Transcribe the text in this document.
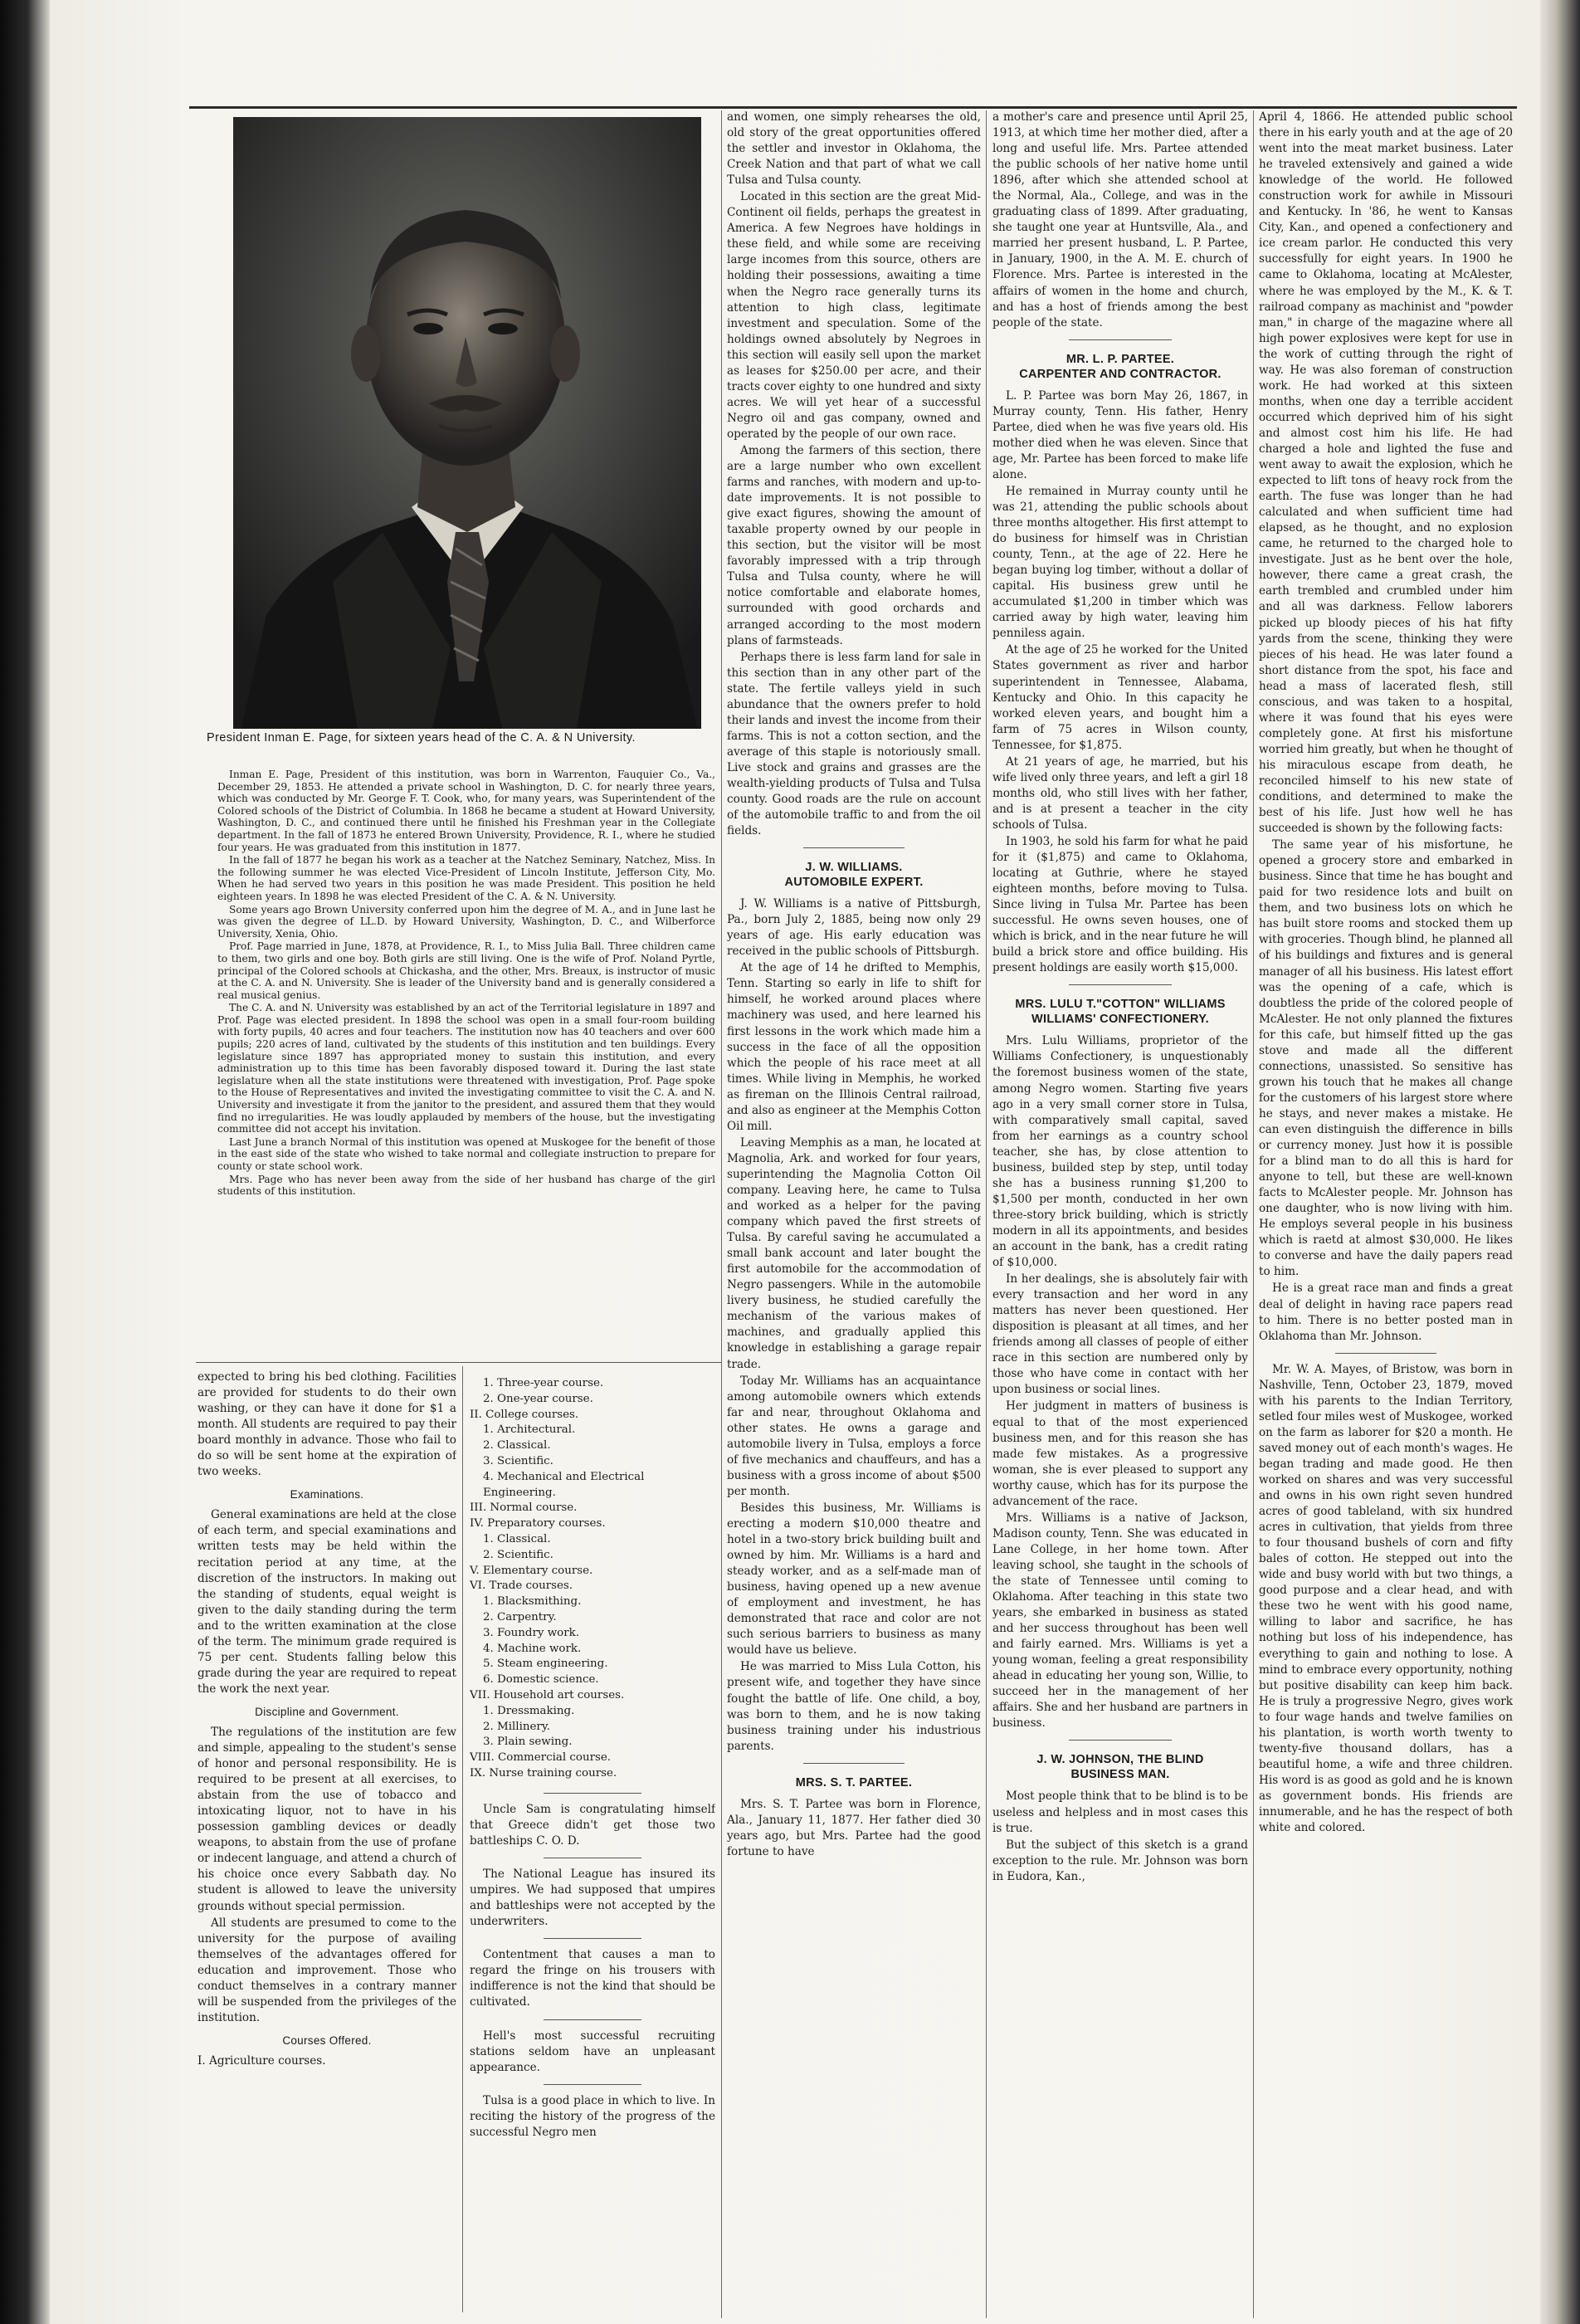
President Inman E. Page, for sixteen years head of the C. A. & N University.

Inman E. Page, President of this institution, was born in Warrenton, Fauquier Co., Va., December 29, 1853. He attended a private school in Washington, D. C. for nearly three years, which was conducted by Mr. George F. T. Cook, who, for many years, was Superintendent of the Colored schools of the District of Columbia. In 1868 he became a student at Howard University, Washington, D. C., and continued there until he finished his Freshman year in the Collegiate department. In the fall of 1873 he entered Brown University, Providence, R. I., where he studied four years. He was graduated from this institution in 1877.

In the fall of 1877 he began his work as a teacher at the Natchez Seminary, Natchez, Miss. In the following summer he was elected Vice-President of Lincoln Institute, Jefferson City, Mo. When he had served two years in this position he was made President. This position he held eighteen years. In 1898 he was elected President of the C. A. & N. University.

Some years ago Brown University conferred upon him the degree of M. A., and in June last he was given the degree of LL.D. by Howard University, Washington, D. C., and Wilberforce University, Xenia, Ohio.

Prof. Page married in June, 1878, at Providence, R. I., to Miss Julia Ball. Three children came to them, two girls and one boy. Both girls are still living. One is the wife of Prof. Noland Pyrtle, principal of the Colored schools at Chickasha, and the other, Mrs. Breaux, is instructor of music at the C. A. and N. University. She is leader of the University band and is generally considered a real musical genius.

The C. A. and N. University was established by an act of the Territorial legislature in 1897 and Prof. Page was elected president. In 1898 the school was open in a small four-room building with forty pupils, 40 acres and four teachers. The institution now has 40 teachers and over 600 pupils; 220 acres of land, cultivated by the students of this institution and ten buildings. Every legislature since 1897 has appropriated money to sustain this institution, and every administration up to this time has been favorably disposed toward it. During the last state legislature when all the state institutions were threatened with investigation, Prof. Page spoke to the House of Representatives and invited the investigating committee to visit the C. A. and N. University and investigate it from the janitor to the president, and assured them that they would find no irregularities. He was loudly applauded by members of the house, but the investigating committee did not accept his invitation.

Last June a branch Normal of this institution was opened at Muskogee for the benefit of those in the east side of the state who wished to take normal and collegiate instruction to prepare for county or state school work.

Mrs. Page who has never been away from the side of her husband has charge of the girl students of this institution.

expected to bring his bed clothing. Facilities are provided for students to do their own washing, or they can have it done for $1 a month. All students are required to pay their board monthly in advance. Those who fail to do so will be sent home at the expiration of two weeks.

Examinations.

General examinations are held at the close of each term, and special examinations and written tests may be held within the recitation period at any time, at the discretion of the instructors. In making out the standing of students, equal weight is given to the daily standing during the term and to the written examination at the close of the term. The minimum grade required is 75 per cent. Students falling below this grade during the year are required to repeat the work the next year.

Discipline and Government.

The regulations of the institution are few and simple, appealing to the student's sense of honor and personal responsibility. He is required to be present at all exercises, to abstain from the use of tobacco and intoxicating liquor, not to have in his possession gambling devices or deadly weapons, to abstain from the use of profane or indecent language, and attend a church of his choice once every Sabbath day. No student is allowed to leave the university grounds without special permission.

All students are presumed to come to the university for the purpose of availing themselves of the advantages offered for education and improvement. Those who conduct themselves in a contrary manner will be suspended from the privileges of the institution.

Courses Offered.

I. Agriculture courses.

1. Three-year course.
2. One-year course.
II. College courses.
1. Architectural.
2. Classical.
3. Scientific.
4. Mechanical and Electrical Engineering.
III. Normal course.
IV. Preparatory courses.
1. Classical.
2. Scientific.
V. Elementary course.
VI. Trade courses.
1. Blacksmithing.
2. Carpentry.
3. Foundry work.
4. Machine work.
5. Steam engineering.
6. Domestic science.
VII. Household art courses.
1. Dressmaking.
2. Millinery.
3. Plain sewing.
VIII. Commercial course.
IX. Nurse training course.

Uncle Sam is congratulating himself that Greece didn't get those two battleships C. O. D.

The National League has insured its umpires. We had supposed that umpires and battleships were not accepted by the underwriters.

Contentment that causes a man to regard the fringe on his trousers with indifference is not the kind that should be cultivated.

Hell's most successful recruiting stations seldom have an unpleasant appearance.

Tulsa is a good place in which to live. In reciting the history of the progress of the successful Negro men

and women, one simply rehearses the old, old story of the great opportunities offered the settler and investor in Oklahoma, the Creek Nation and that part of what we call Tulsa and Tulsa county.

Located in this section are the great Mid-Continent oil fields, perhaps the greatest in America. A few Negroes have holdings in these field, and while some are receiving large incomes from this source, others are holding their possessions, awaiting a time when the Negro race generally turns its attention to high class, legitimate investment and speculation. Some of the holdings owned absolutely by Negroes in this section will easily sell upon the market as leases for $250.00 per acre, and their tracts cover eighty to one hundred and sixty acres. We will yet hear of a successful Negro oil and gas company, owned and operated by the people of our own race.

Among the farmers of this section, there are a large number who own excellent farms and ranches, with modern and up-to-date improvements. It is not possible to give exact figures, showing the amount of taxable property owned by our people in this section, but the visitor will be most favorably impressed with a trip through Tulsa and Tulsa county, where he will notice comfortable and elaborate homes, surrounded with good orchards and arranged according to the most modern plans of farmsteads.

Perhaps there is less farm land for sale in this section than in any other part of the state. The fertile valleys yield in such abundance that the owners prefer to hold their lands and invest the income from their farms. This is not a cotton section, and the average of this staple is notoriously small. Live stock and grains and grasses are the wealth-yielding products of Tulsa and Tulsa county. Good roads are the rule on account of the automobile traffic to and from the oil fields.

J. W. WILLIAMS.
AUTOMOBILE EXPERT.

J. W. Williams is a native of Pittsburgh, Pa., born July 2, 1885, being now only 29 years of age. His early education was received in the public schools of Pittsburgh.

At the age of 14 he drifted to Memphis, Tenn. Starting so early in life to shift for himself, he worked around places where machinery was used, and here learned his first lessons in the work which made him a success in the face of all the opposition which the people of his race meet at all times. While living in Memphis, he worked as fireman on the Illinois Central railroad, and also as engineer at the Memphis Cotton Oil mill.

Leaving Memphis as a man, he located at Magnolia, Ark. and worked for four years, superintending the Magnolia Cotton Oil company. Leaving here, he came to Tulsa and worked as a helper for the paving company which paved the first streets of Tulsa. By careful saving he accumulated a small bank account and later bought the first automobile for the accommodation of Negro passengers. While in the automobile livery business, he studied carefully the mechanism of the various makes of machines, and gradually applied this knowledge in establishing a garage repair trade.

Today Mr. Williams has an acquaintance among automobile owners which extends far and near, throughout Oklahoma and other states. He owns a garage and automobile livery in Tulsa, employs a force of five mechanics and chauffeurs, and has a business with a gross income of about $500 per month.

Besides this business, Mr. Williams is erecting a modern $10,000 theatre and hotel in a two-story brick building built and owned by him. Mr. Williams is a hard and steady worker, and as a self-made man of business, having opened up a new avenue of employment and investment, he has demonstrated that race and color are not such serious barriers to business as many would have us believe.

He was married to Miss Lula Cotton, his present wife, and together they have since fought the battle of life. One child, a boy, was born to them, and he is now taking business training under his industrious parents.

MRS. S. T. PARTEE.

Mrs. S. T. Partee was born in Florence, Ala., January 11, 1877. Her father died 30 years ago, but Mrs. Partee had the good fortune to have

a mother's care and presence until April 25, 1913, at which time her mother died, after a long and useful life. Mrs. Partee attended the public schools of her native home until 1896, after which she attended school at the Normal, Ala., College, and was in the graduating class of 1899. After graduating, she taught one year at Huntsville, Ala., and married her present husband, L. P. Partee, in January, 1900, in the A. M. E. church of Florence. Mrs. Partee is interested in the affairs of women in the home and church, and has a host of friends among the best people of the state.

MR. L. P. PARTEE.
CARPENTER AND CONTRACTOR.

L. P. Partee was born May 26, 1867, in Murray county, Tenn. His father, Henry Partee, died when he was five years old. His mother died when he was eleven. Since that age, Mr. Partee has been forced to make life alone.

He remained in Murray county until he was 21, attending the public schools about three months altogether. His first attempt to do business for himself was in Christian county, Tenn., at the age of 22. Here he began buying log timber, without a dollar of capital. His business grew until he accumulated $1,200 in timber which was carried away by high water, leaving him penniless again.

At the age of 25 he worked for the United States government as river and harbor superintendent in Tennessee, Alabama, Kentucky and Ohio. In this capacity he worked eleven years, and bought him a farm of 75 acres in Wilson county, Tennessee, for $1,875.

At 21 years of age, he married, but his wife lived only three years, and left a girl 18 months old, who still lives with her father, and is at present a teacher in the city schools of Tulsa.

In 1903, he sold his farm for what he paid for it ($1,875) and came to Oklahoma, locating at Guthrie, where he stayed eighteen months, before moving to Tulsa. Since living in Tulsa Mr. Partee has been successful. He owns seven houses, one of which is brick, and in the near future he will build a brick store and office building. His present holdings are easily worth $15,000.

MRS. LULU T."COTTON" WILLIAMS
WILLIAMS' CONFECTIONERY.

Mrs. Lulu Williams, proprietor of the Williams Confectionery, is unquestionably the foremost business women of the state, among Negro women. Starting five years ago in a very small corner store in Tulsa, with comparatively small capital, saved from her earnings as a country school teacher, she has, by close attention to business, builded step by step, until today she has a business running $1,200 to $1,500 per month, conducted in her own three-story brick building, which is strictly modern in all its appointments, and besides an account in the bank, has a credit rating of $10,000.

In her dealings, she is absolutely fair with every transaction and her word in any matters has never been questioned. Her disposition is pleasant at all times, and her friends among all classes of people of either race in this section are numbered only by those who have come in contact with her upon business or social lines.

Her judgment in matters of business is equal to that of the most experienced business men, and for this reason she has made few mistakes. As a progressive woman, she is ever pleased to support any worthy cause, which has for its purpose the advancement of the race.

Mrs. Williams is a native of Jackson, Madison county, Tenn. She was educated in Lane College, in her home town. After leaving school, she taught in the schools of the state of Tennessee until coming to Oklahoma. After teaching in this state two years, she embarked in business as stated and her success throughout has been well and fairly earned. Mrs. Williams is yet a young woman, feeling a great responsibility ahead in educating her young son, Willie, to succeed her in the management of her affairs. She and her husband are partners in business.

J. W. JOHNSON, THE BLIND
BUSINESS MAN.

Most people think that to be blind is to be useless and helpless and in most cases this is true.

But the subject of this sketch is a grand exception to the rule. Mr. Johnson was born in Eudora, Kan.,

April 4, 1866. He attended public school there in his early youth and at the age of 20 went into the meat market business. Later he traveled extensively and gained a wide knowledge of the world. He followed construction work for awhile in Missouri and Kentucky. In '86, he went to Kansas City, Kan., and opened a confectionery and ice cream parlor. He conducted this very successfully for eight years. In 1900 he came to Oklahoma, locating at McAlester, where he was employed by the M., K. & T. railroad company as machinist and "powder man," in charge of the magazine where all high power explosives were kept for use in the work of cutting through the right of way. He was also foreman of construction work. He had worked at this sixteen months, when one day a terrible accident occurred which deprived him of his sight and almost cost him his life. He had charged a hole and lighted the fuse and went away to await the explosion, which he expected to lift tons of heavy rock from the earth. The fuse was longer than he had calculated and when sufficient time had elapsed, as he thought, and no explosion came, he returned to the charged hole to investigate. Just as he bent over the hole, however, there came a great crash, the earth trembled and crumbled under him and all was darkness. Fellow laborers picked up bloody pieces of his hat fifty yards from the scene, thinking they were pieces of his head. He was later found a short distance from the spot, his face and head a mass of lacerated flesh, still conscious, and was taken to a hospital, where it was found that his eyes were completely gone. At first his misfortune worried him greatly, but when he thought of his miraculous escape from death, he reconciled himself to his new state of conditions, and determined to make the best of his life. Just how well he has succeeded is shown by the following facts:

The same year of his misfortune, he opened a grocery store and embarked in business. Since that time he has bought and paid for two residence lots and built on them, and two business lots on which he has built store rooms and stocked them up with groceries. Though blind, he planned all of his buildings and fixtures and is general manager of all his business. His latest effort was the opening of a cafe, which is doubtless the pride of the colored people of McAlester. He not only planned the fixtures for this cafe, but himself fitted up the gas stove and made all the different connections, unassisted. So sensitive has grown his touch that he makes all change for the customers of his largest store where he stays, and never makes a mistake. He can even distinguish the difference in bills or currency money. Just how it is possible for a blind man to do all this is hard for anyone to tell, but these are well-known facts to McAlester people. Mr. Johnson has one daughter, who is now living with him. He employs several people in his business which is raetd at almost $30,000. He likes to converse and have the daily papers read to him.

He is a great race man and finds a great deal of delight in having race papers read to him. There is no better posted man in Oklahoma than Mr. Johnson.

Mr. W. A. Mayes, of Bristow, was born in Nashville, Tenn, October 23, 1879, moved with his parents to the Indian Territory, setled four miles west of Muskogee, worked on the farm as laborer for $20 a month. He saved money out of each month's wages. He began trading and made good. He then worked on shares and was very successful and owns in his own right seven hundred acres of good tableland, with six hundred acres in cultivation, that yields from three to four thousand bushels of corn and fifty bales of cotton. He stepped out into the wide and busy world with but two things, a good purpose and a clear head, and with these two he went with his good name, willing to labor and sacrifice, he has nothing but loss of his independence, has everything to gain and nothing to lose. A mind to embrace every opportunity, nothing but positive disability can keep him back. He is truly a progressive Negro, gives work to four wage hands and twelve families on his plantation, is worth worth twenty to twenty-five thousand dollars, has a beautiful home, a wife and three children. His word is as good as gold and he is known as government bonds. His friends are innumerable, and he has the respect of both white and colored.
